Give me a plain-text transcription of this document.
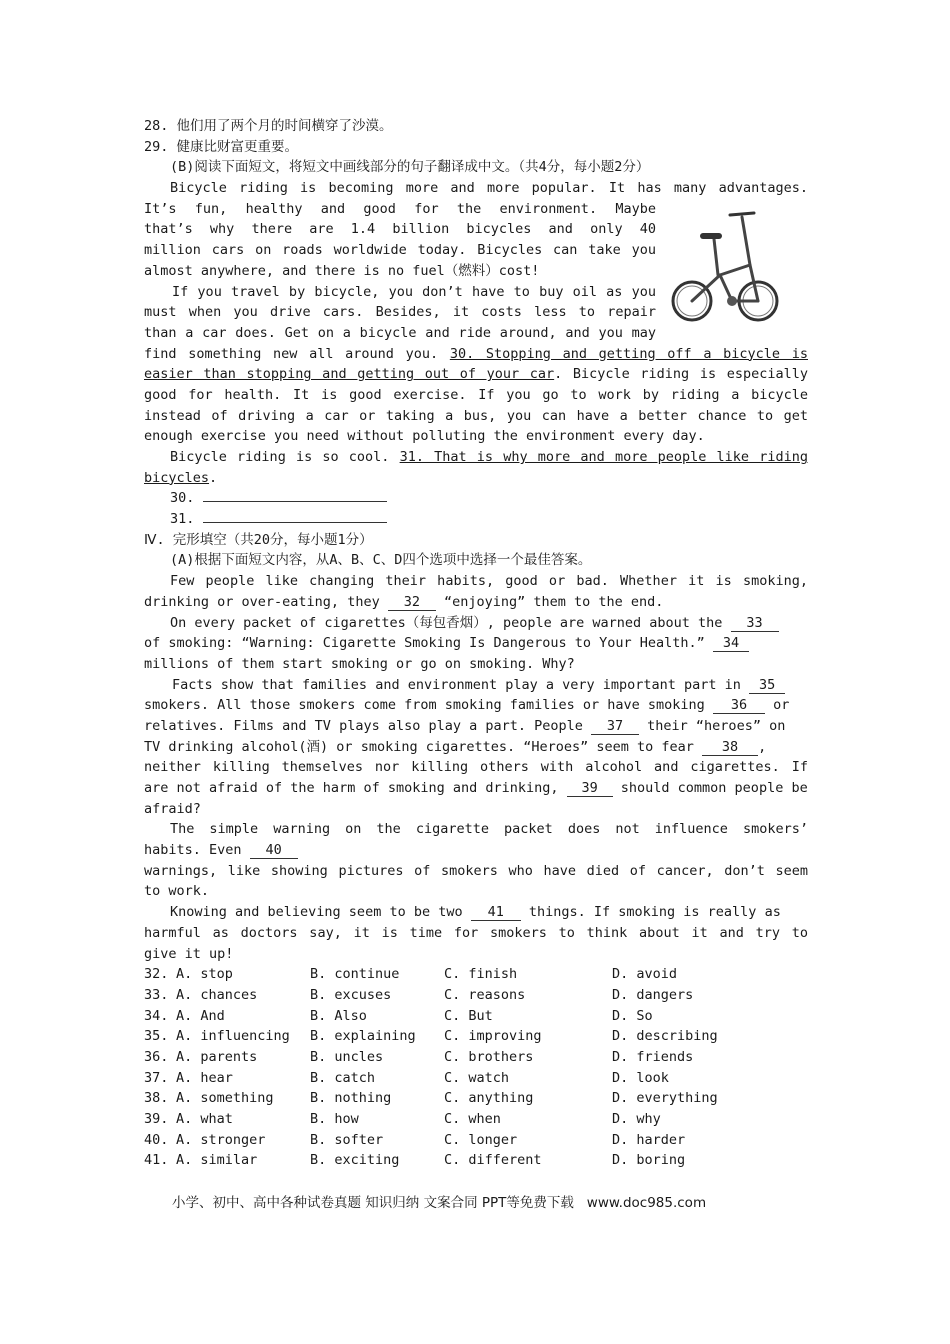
28. 他们用了两个月的时间横穿了沙漠。
29. 健康比财富更重要。
(B)阅读下面短文，将短文中画线部分的句子翻译成中文。（共4分，每小题2分）
Bicycle riding is becoming more and more popular. It has many advantages.
It’s fun, healthy and good for the environment. Maybe
that’s why there are 1.4 billion bicycles and only 40
million cars on roads worldwide today. Bicycles can take you
almost anywhere, and there is no fuel（燃料）cost!
If you travel by bicycle, you don’t have to buy oil as you
must when you drive cars. Besides, it costs less to repair
than a car does. Get on a bicycle and ride around, and you may
find something new all around you. 30. Stopping and getting off a bicycle is
easier than stopping and getting out of your car. Bicycle riding is especially
good for health. It is good exercise. If you go to work by riding a bicycle
instead of driving a car or taking a bus, you can have a better chance to get
enough exercise you need without polluting the environment every day.
Bicycle riding is so cool. 31. That is why more and more people like riding
bicycles.
30.
31.
Ⅳ. 完形填空（共20分，每小题1分）
(A)根据下面短文内容，从A、B、C、D四个选项中选择一个最佳答案。
Few people like changing their habits, good or bad. Whether it is smoking,
drinking or over-eating, they 32 “enjoying” them to the end.
On every packet of cigarettes（每包香烟）, people are warned about the 33
of smoking: “Warning: Cigarette Smoking Is Dangerous to Your Health.” 34
millions of them start smoking or go on smoking. Why?
Facts show that families and environment play a very important part in 35
smokers. All those smokers come from smoking families or have smoking 36 or
relatives. Films and TV plays also play a part. People 37 their “heroes” on
TV drinking alcohol(酒) or smoking cigarettes. “Heroes” seem to fear 38 ,
neither killing themselves nor killing others with alcohol and cigarettes. If
are not afraid of the harm of smoking and drinking, 39 should common people be
afraid?
The simple warning on the cigarette packet does not influence smokers’
habits. Even 40
warnings, like showing pictures of smokers who have died of cancer, don’t seem
to work.
Knowing and believing seem to be two 41 things. If smoking is really as
harmful as doctors say, it is time for smokers to think about it and try to
give it up!
32. A. stop	B. continue	C. finish	D. avoid
33. A. chances	B. excuses	C. reasons	D. dangers
34. A. And	B. Also	C. But	D. So
35. A. influencing B. explaining C. improving	D. describing
36. A. parents	B. uncles	C. brothers	D. friends
37. A. hear	B. catch	C. watch	D. look
38. A. something	B. nothing	C. anything	D. everything
39. A. what	B. how	C. when	D. why
40. A. stronger	B. softer	C. longer	D. harder
41. A. similar	B. exciting	C. different	D. boring
小学、初中、高中各种试卷真题 知识归纳 文案合同 PPT等免费下载   www.doc985.com
